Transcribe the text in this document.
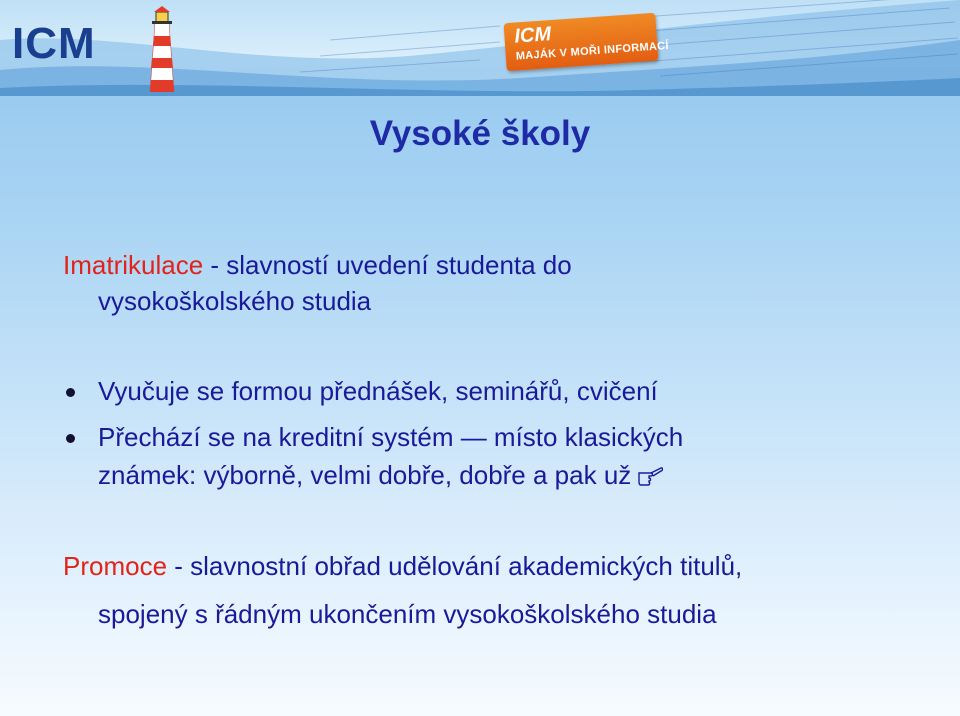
ICM	ICM
MAJÁK V MOŘI INFORMACÍ
Vysoké školy
Imatrikulace - slavností uvedení studenta do
vysokoškolského studia
Vyučuje se formou přednášek, seminářů, cvičení
Přechází se na kreditní systém — místo klasických
známek: výborně, velmi dobře, dobře a pak už
Promoce - slavnostní obřad udělování akademických titulů,
spojený s řádným ukončením vysokoškolského studia
